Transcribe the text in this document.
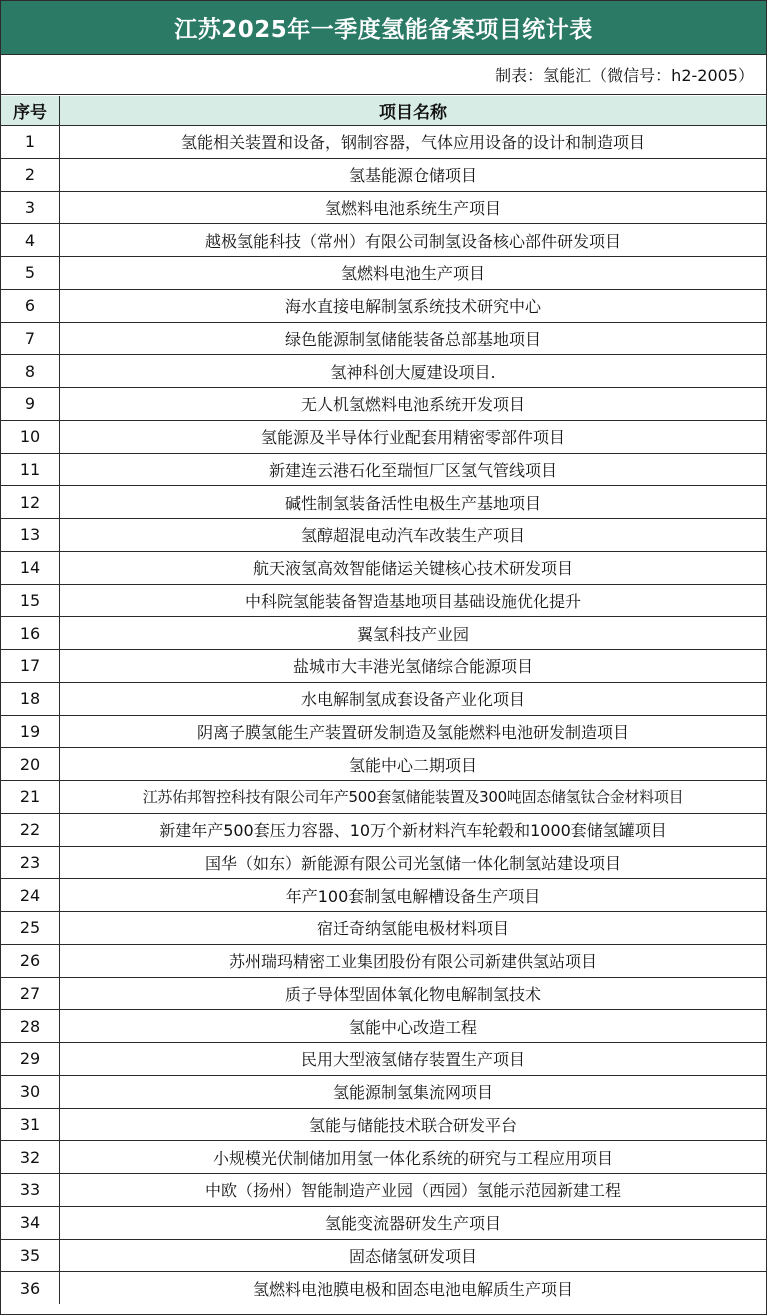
江苏2025年一季度氢能备案项目统计表
制表：氢能汇（微信号：h2-2005）
序号	项目名称
1	氢能相关装置和设备，钢制容器，气体应用设备的设计和制造项目
2	氢基能源仓储项目
3	氢燃料电池系统生产项目
4	越极氢能科技（常州）有限公司制氢设备核心部件研发项目
5	氢燃料电池生产项目
6	海水直接电解制氢系统技术研究中心
7	绿色能源制氢储能装备总部基地项目
8	氢神科创大厦建设项目.
9	无人机氢燃料电池系统开发项目
10	氢能源及半导体行业配套用精密零部件项目
11	新建连云港石化至瑞恒厂区氢气管线项目
12	碱性制氢装备活性电极生产基地项目
13	氢醇超混电动汽车改装生产项目
14	航天液氢高效智能储运关键核心技术研发项目
15	中科院氢能装备智造基地项目基础设施优化提升
16	翼氢科技产业园
17	盐城市大丰港光氢储综合能源项目
18	水电解制氢成套设备产业化项目
19	阴离子膜氢能生产装置研发制造及氢能燃料电池研发制造项目
20	氢能中心二期项目
21	江苏佑邦智控科技有限公司年产500套氢储能装置及300吨固态储氢钛合金材料项目
22	新建年产500套压力容器、10万个新材料汽车轮毂和1000套储氢罐项目
23	国华（如东）新能源有限公司光氢储一体化制氢站建设项目
24	年产100套制氢电解槽设备生产项目
25	宿迁奇纳氢能电极材料项目
26	苏州瑞玛精密工业集团股份有限公司新建供氢站项目
27	质子导体型固体氧化物电解制氢技术
28	氢能中心改造工程
29	民用大型液氢储存装置生产项目
30	氢能源制氢集流网项目
31	氢能与储能技术联合研发平台
32	小规模光伏制储加用氢一体化系统的研究与工程应用项目
33	中欧（扬州）智能制造产业园（西园）氢能示范园新建工程
34	氢能变流器研发生产项目
35	固态储氢研发项目
36	氢燃料电池膜电极和固态电池电解质生产项目
